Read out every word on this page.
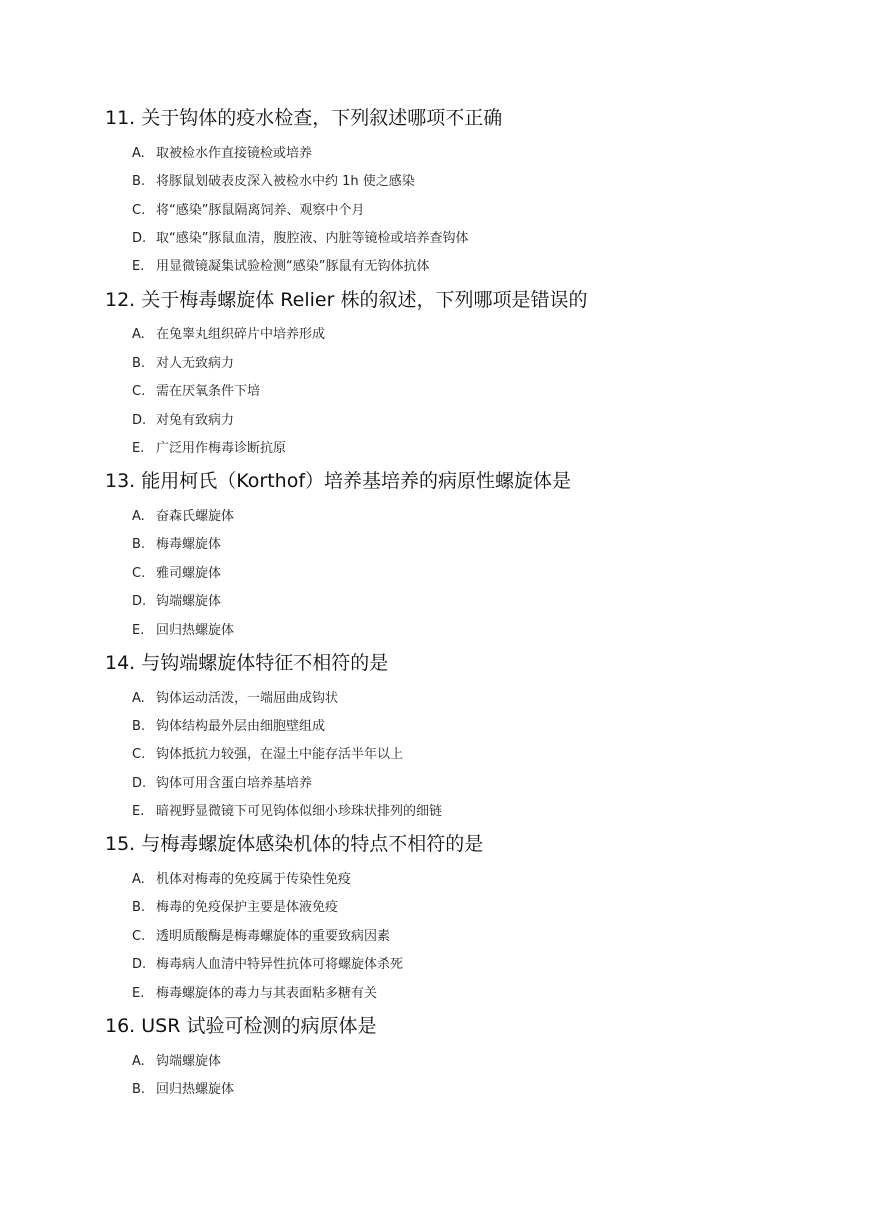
11. 关于钩体的疫水检查，下列叙述哪项不正确
A. 取被检水作直接镜检或培养
B. 将豚鼠划破表皮深入被检水中约 1h 使之感染
C. 将“感染”豚鼠隔离饲养、观察中个月
D. 取“感染”豚鼠血清，腹腔液、内脏等镜检或培养查钩体
E. 用显微镜凝集试验检测“感染”豚鼠有无钩体抗体
12. 关于梅毒螺旋体 Relier 株的叙述，下列哪项是错误的
A. 在兔睾丸组织碎片中培养形成
B. 对人无致病力
C. 需在厌氧条件下培
D. 对兔有致病力
E. 广泛用作梅毒诊断抗原
13. 能用柯氏（Korthof）培养基培养的病原性螺旋体是
A. 奋森氏螺旋体
B. 梅毒螺旋体
C. 雅司螺旋体
D. 钩端螺旋体
E. 回归热螺旋体
14. 与钩端螺旋体特征不相符的是
A. 钩体运动活泼，一端屈曲成钩状
B. 钩体结构最外层由细胞壁组成
C. 钩体抵抗力较强，在湿土中能存活半年以上
D. 钩体可用含蛋白培养基培养
E. 暗视野显微镜下可见钩体似细小珍珠状排列的细链
15. 与梅毒螺旋体感染机体的特点不相符的是
A. 机体对梅毒的免疫属于传染性免疫
B. 梅毒的免疫保护主要是体液免疫
C. 透明质酸酶是梅毒螺旋体的重要致病因素
D. 梅毒病人血清中特异性抗体可将螺旋体杀死
E. 梅毒螺旋体的毒力与其表面粘多糖有关
16. USR 试验可检测的病原体是
A. 钩端螺旋体
B. 回归热螺旋体
